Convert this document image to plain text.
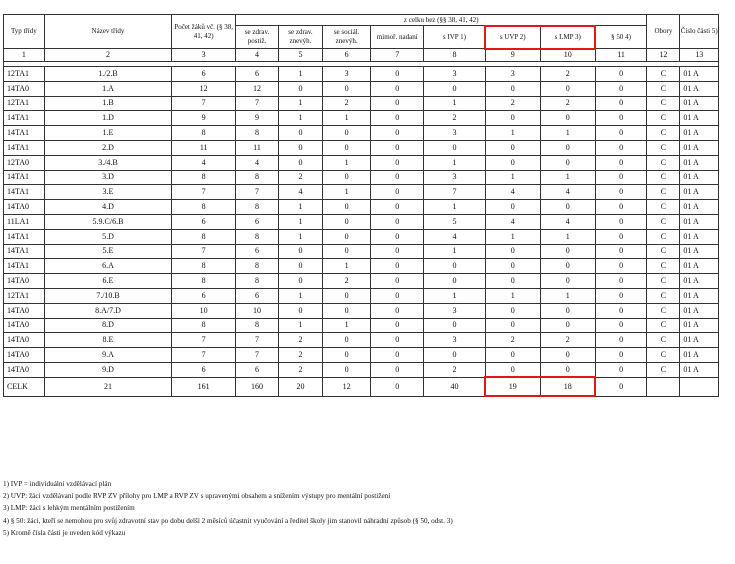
Typ třídy	Název třídy	Počet žáků vč. (§ 38, 41, 42)	z celku bez (§§ 38, 41, 42)								Obory	Číslo části 5)
			se zdrav. postiž.	se zdrav. znevýh.	se sociál. znevýh.	mimoř. nadaní	s IVP 1)	s UVP 2)	s LMP 3)	§ 50 4)		
1	2	3	4	5	6	7	8	9	10	11	12	13

12TA1	1./2.B	6	6	1	3	0	3	3	2	0	C	01 A
14TA0	1.A	12	12	0	0	0	0	0	0	0	C	01 A
12TA1	1.B	7	7	1	2	0	1	2	2	0	C	01 A
14TA1	1.D	9	9	1	1	0	2	0	0	0	C	01 A
14TA1	1.E	8	8	0	0	0	3	1	1	0	C	01 A
14TA1	2.D	11	11	0	0	0	0	0	0	0	C	01 A
12TA0	3./4.B	4	4	0	1	0	1	0	0	0	C	01 A
14TA1	3.D	8	8	2	0	0	3	1	1	0	C	01 A
14TA1	3.E	7	7	4	1	0	7	4	4	0	C	01 A
14TA0	4.D	8	8	1	0	0	1	0	0	0	C	01 A
11LA1	5.9.C/6.B	6	6	1	0	0	5	4	4	0	C	01 A
14TA1	5.D	8	8	1	0	0	4	1	1	0	C	01 A
14TA1	5.E	7	6	0	0	0	1	0	0	0	C	01 A
14TA1	6.A	8	8	0	1	0	0	0	0	0	C	01 A
14TA0	6.E	8	8	0	2	0	0	0	0	0	C	01 A
12TA1	7./10.B	6	6	1	0	0	1	1	1	0	C	01 A
14TA0	8.A/7.D	10	10	0	0	0	3	0	0	0	C	01 A
14TA0	8.D	8	8	1	1	0	0	0	0	0	C	01 A
14TA0	8.E	7	7	2	0	0	3	2	2	0	C	01 A
14TA0	9.A	7	7	2	0	0	0	0	0	0	C	01 A
14TA0	9.D	6	6	2	0	0	2	0	0	0	C	01 A
CELK	21	161	160	20	12	0	40	19	18	0		
1) IVP = individuální vzdělávací plán
2) UVP: žáci vzdělávaní podle RVP ZV přílohy pro LMP a RVP ZV s upravenými obsahem a snížením výstupy pro mentální postižení
3) LMP: žáci s lehkým mentálním postižením
4) § 50: žáci, kteří se nemohou pro svůj zdravotní stav po dobu delší 2 měsíců účastnit vyučování a ředitel školy jim stanovil náhradní způsob (§ 50, odst. 3)
5) Kromě čísla části je uveden kód výkazu
